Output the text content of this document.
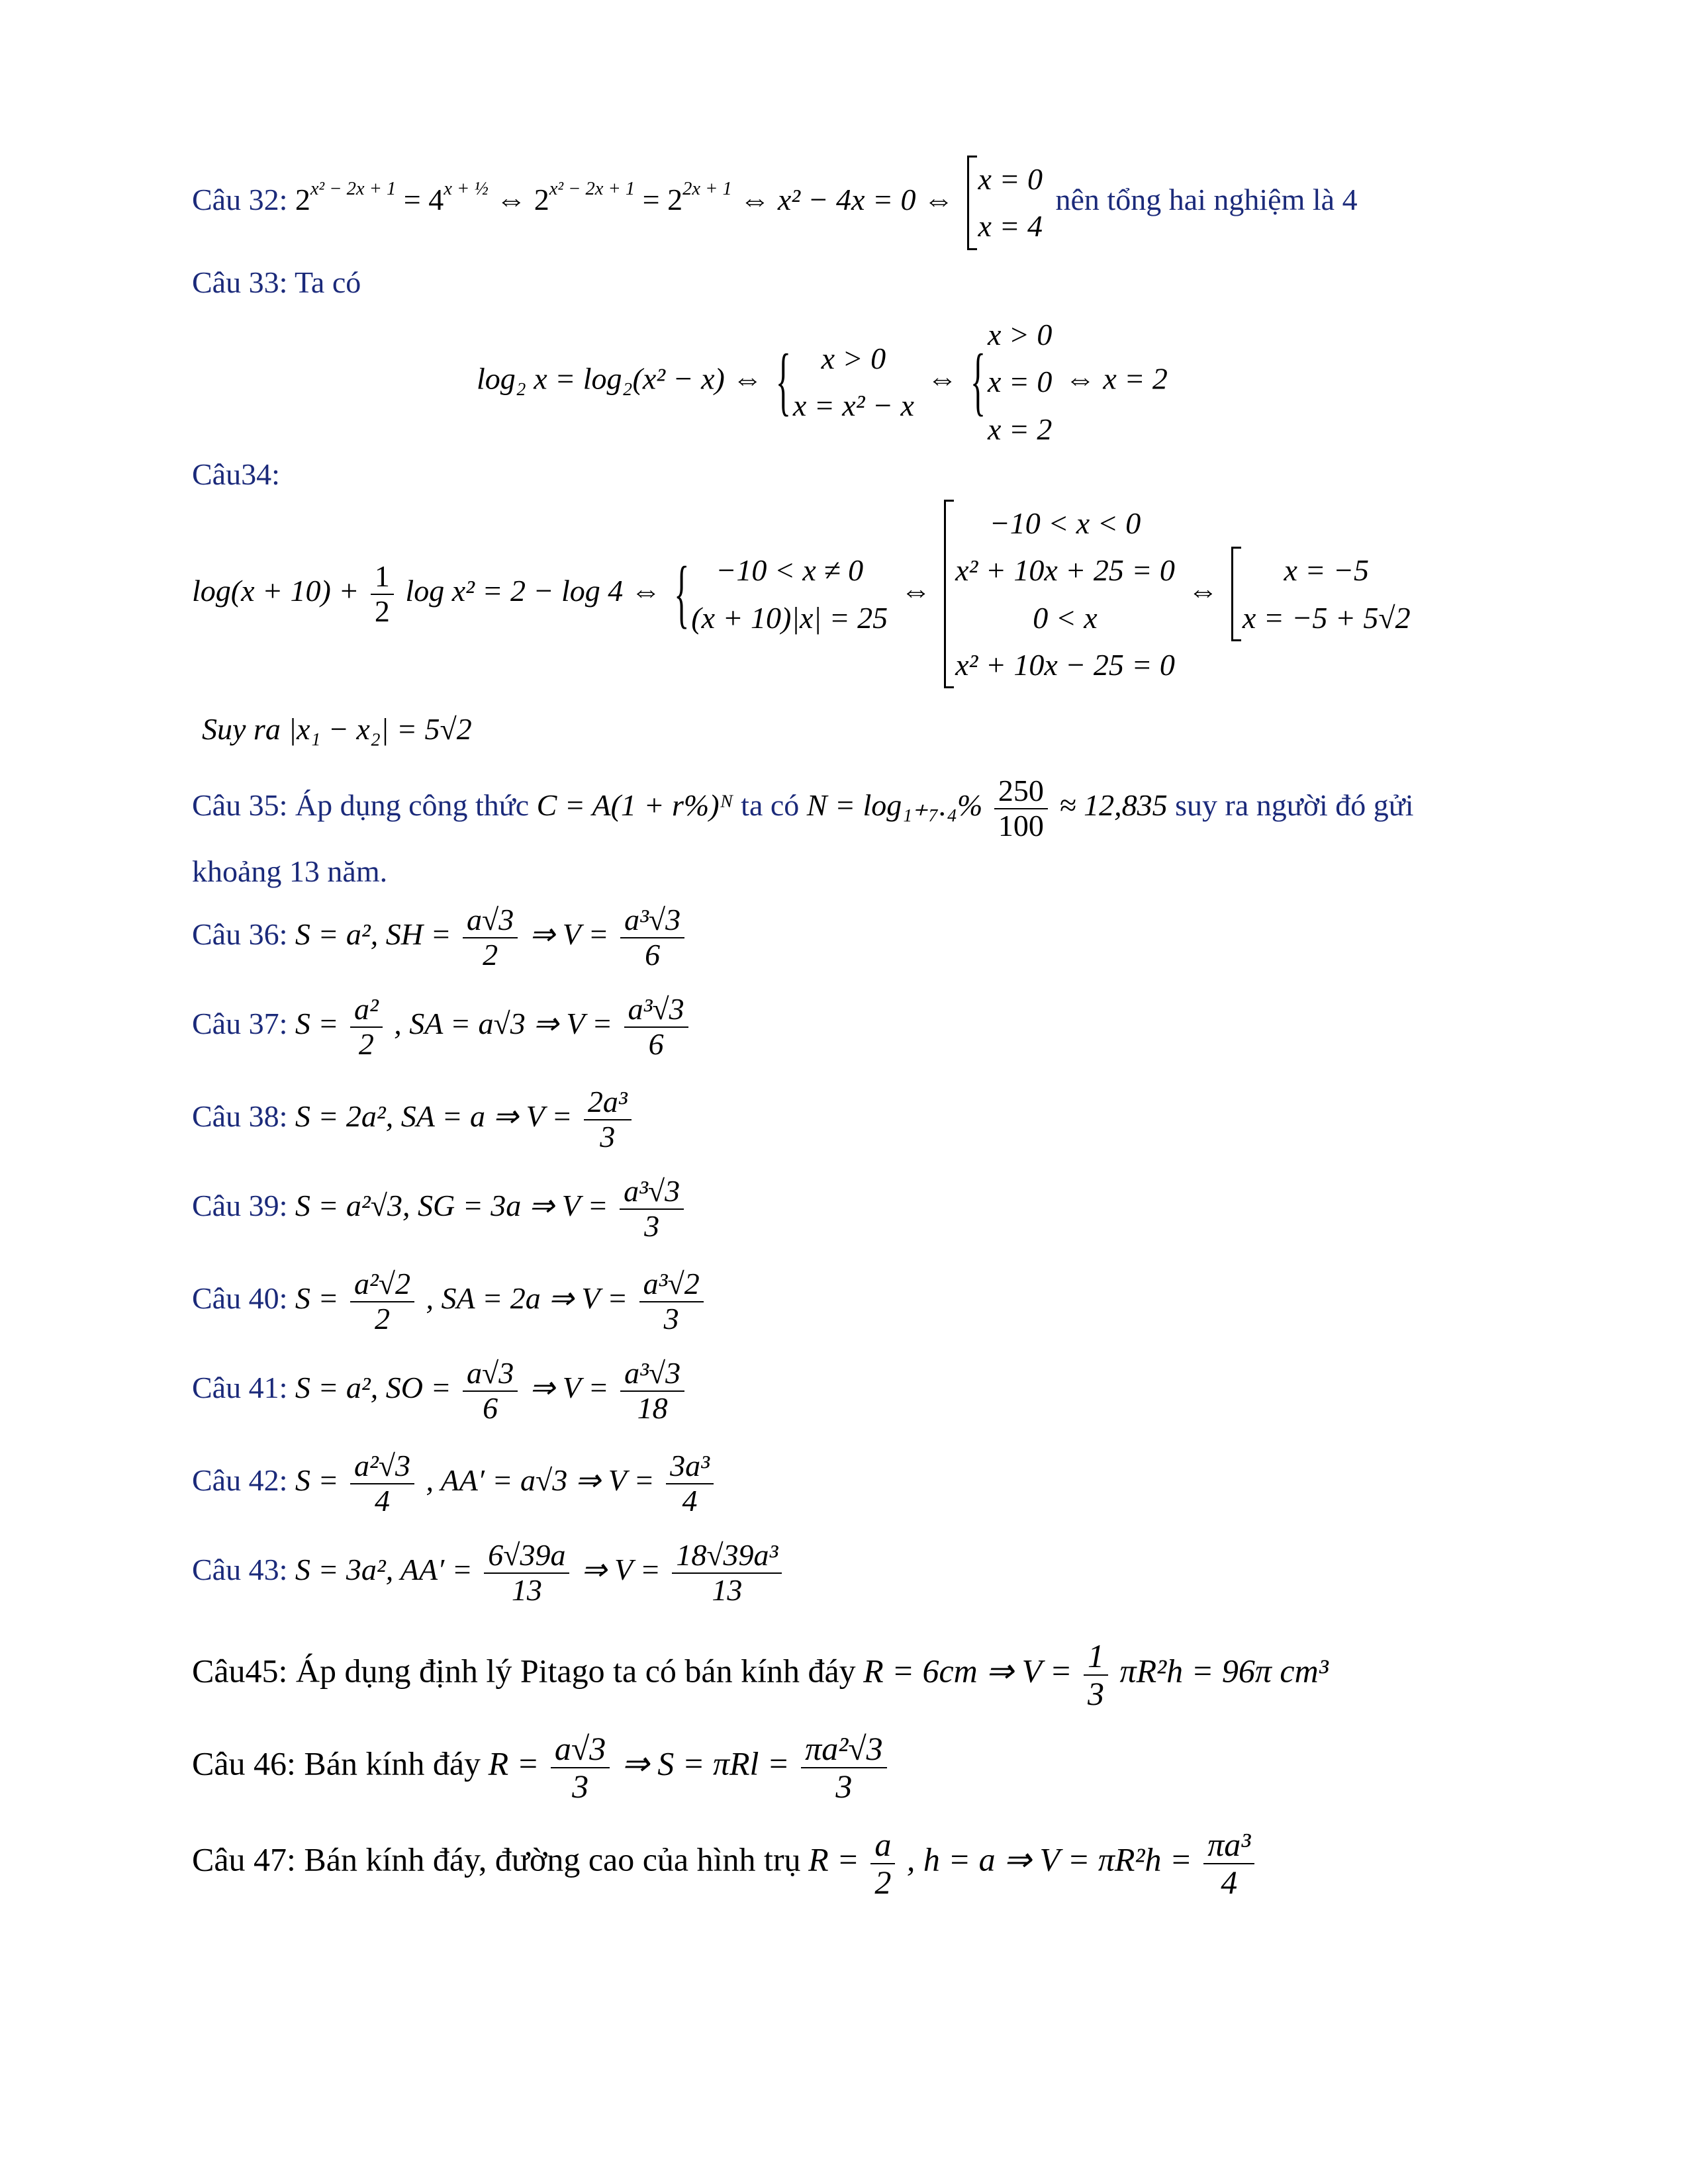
Câu 32: $2^{x^2 - 2x + 1} = 4^{x + \frac{1}{2}}$ ⇔ $2^{x^2 - 2x + 1} = 2^{2x + 1}$ ⇔ x² − 4x = 0 ⇔
x = 0
x = 4
nên tổng hai nghiệm là 4
Câu 33: Ta có
log₂ x = log₂(x² − x) ⇔
{ x > 0
x = x² − x
⇔
{ x > 0
x = 0
x = 2
⇔ x = 2
Câu34:
$\log(x + 10) + \frac{1}{2}$ log x² = 2 − log 4 ⇔
{ −10 < x ≠ 0
(x + 10)|x| = 25
⇔
−10 < x < 0
x² + 10x + 25 = 0
0 < x
x² + 10x − 25 = 0
⇔
x = −5
x = −5 + 5√2
Suy ra |x₁ − x₂| = 5√2
Câu 35: Áp dụng công thức C = A(1 + r%)ᴺ ta có $N = \log_{1+7}._4\% \frac{250}{100} \approx 12,835$ suy ra người đó gửi
khoảng 13 năm.
Câu 36: S = a², SH = $\frac{a√3}{2}$ ⇒ $V = \frac{\text{a³√3}}{6}$
Câu 37: $S = \frac{\text{a²}}{2}$ , SA = a√3 ⇒ $V = \frac{\text{a³√3}}{6}$
Câu 38: S = 2a², SA = a ⇒ $V = \frac{\text{2a³}}{3}$
Câu 39: S = a²√3, SG = 3a ⇒ $V = \frac{\text{a³√3}}{3}$
Câu 40: $S = \frac{\text{a²√2}}{2}$ , SA = 2a ⇒ $V = \frac{\text{a³√2}}{3}$
Câu 41: S = a², SO = $\frac{a√3}{6}$ ⇒ $V = \frac{\text{a³√3}}{18}$
Câu 42: $S = \frac{\text{a²√3}}{4}$ , AA′ = a√3 ⇒ $V = \frac{\text{3a³}}{4}$
Câu 43: S = 3a², $AA' = \frac{6√39a}{13}$ ⇒ $V = \frac{\text{18√39a³}}{13}$
Câu45: Áp dụng định lý Pitago ta có bán kính đáy R = 6cm ⇒ $V = \frac{1}{3} \pi R^2h = 96\pi$ cm³
Câu 46: Bán kính đáy $R = \frac{a√3}{3}$ ⇒ $S = \pi Rl = \frac{\text{πa²√3}}{3}$
Câu 47: Bán kính đáy, đường cao của hình trụ $R = \frac{a}{2}$ , h = a ⇒ $V = \pi R^2h = \frac{\text{πa³}}{4}$
